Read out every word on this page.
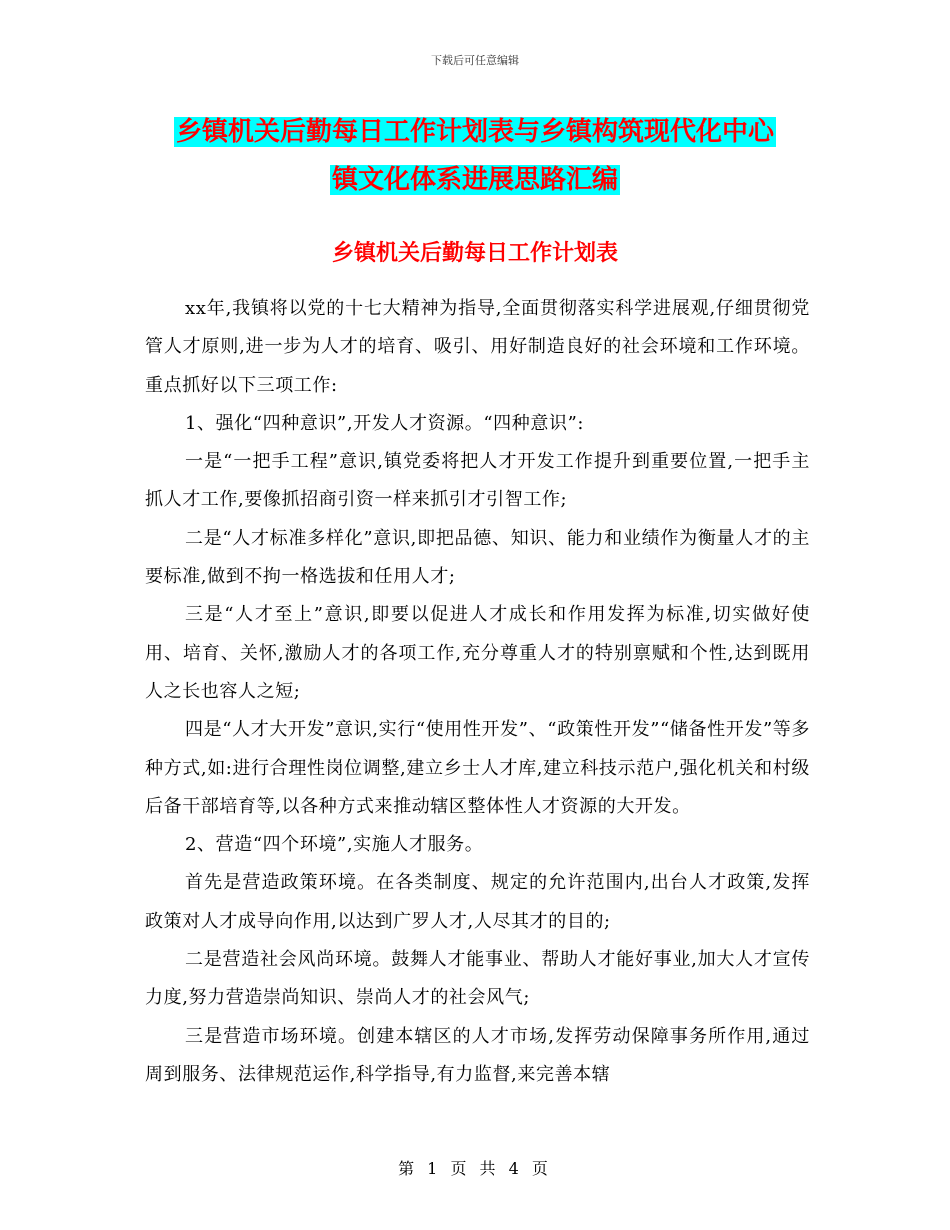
下载后可任意编辑
乡镇机关后勤每日工作计划表与乡镇构筑现代化中心
镇文化体系进展思路汇编
乡镇机关后勤每日工作计划表

xx年,我镇将以党的十七大精神为指导,全面贯彻落实科学进展观,仔细贯彻党管人才原则,进一步为人才的培育、吸引、用好制造良好的社会环境和工作环境。重点抓好以下三项工作:

1、强化“四种意识”,开发人才资源。“四种意识”:

一是“一把手工程”意识,镇党委将把人才开发工作提升到重要位置,一把手主抓人才工作,要像抓招商引资一样来抓引才引智工作;

二是“人才标准多样化”意识,即把品德、知识、能力和业绩作为衡量人才的主要标准,做到不拘一格选拔和任用人才;

三是“人才至上”意识,即要以促进人才成长和作用发挥为标准,切实做好使用、培育、关怀,激励人才的各项工作,充分尊重人才的特别禀赋和个性,达到既用人之长也容人之短;

四是“人才大开发”意识,实行“使用性开发”、“政策性开发”“储备性开发”等多种方式,如:进行合理性岗位调整,建立乡士人才库,建立科技示范户,强化机关和村级后备干部培育等,以各种方式来推动辖区整体性人才资源的大开发。

2、营造“四个环境”,实施人才服务。

首先是营造政策环境。在各类制度、规定的允许范围内,出台人才政策,发挥政策对人才成导向作用,以达到广罗人才,人尽其才的目的;

二是营造社会风尚环境。鼓舞人才能事业、帮助人才能好事业,加大人才宣传力度,努力营造崇尚知识、崇尚人才的社会风气;

三是营造市场环境。创建本辖区的人才市场,发挥劳动保障事务所作用,通过周到服务、法律规范运作,科学指导,有力监督,来完善本辖

第 1 页 共 4 页
